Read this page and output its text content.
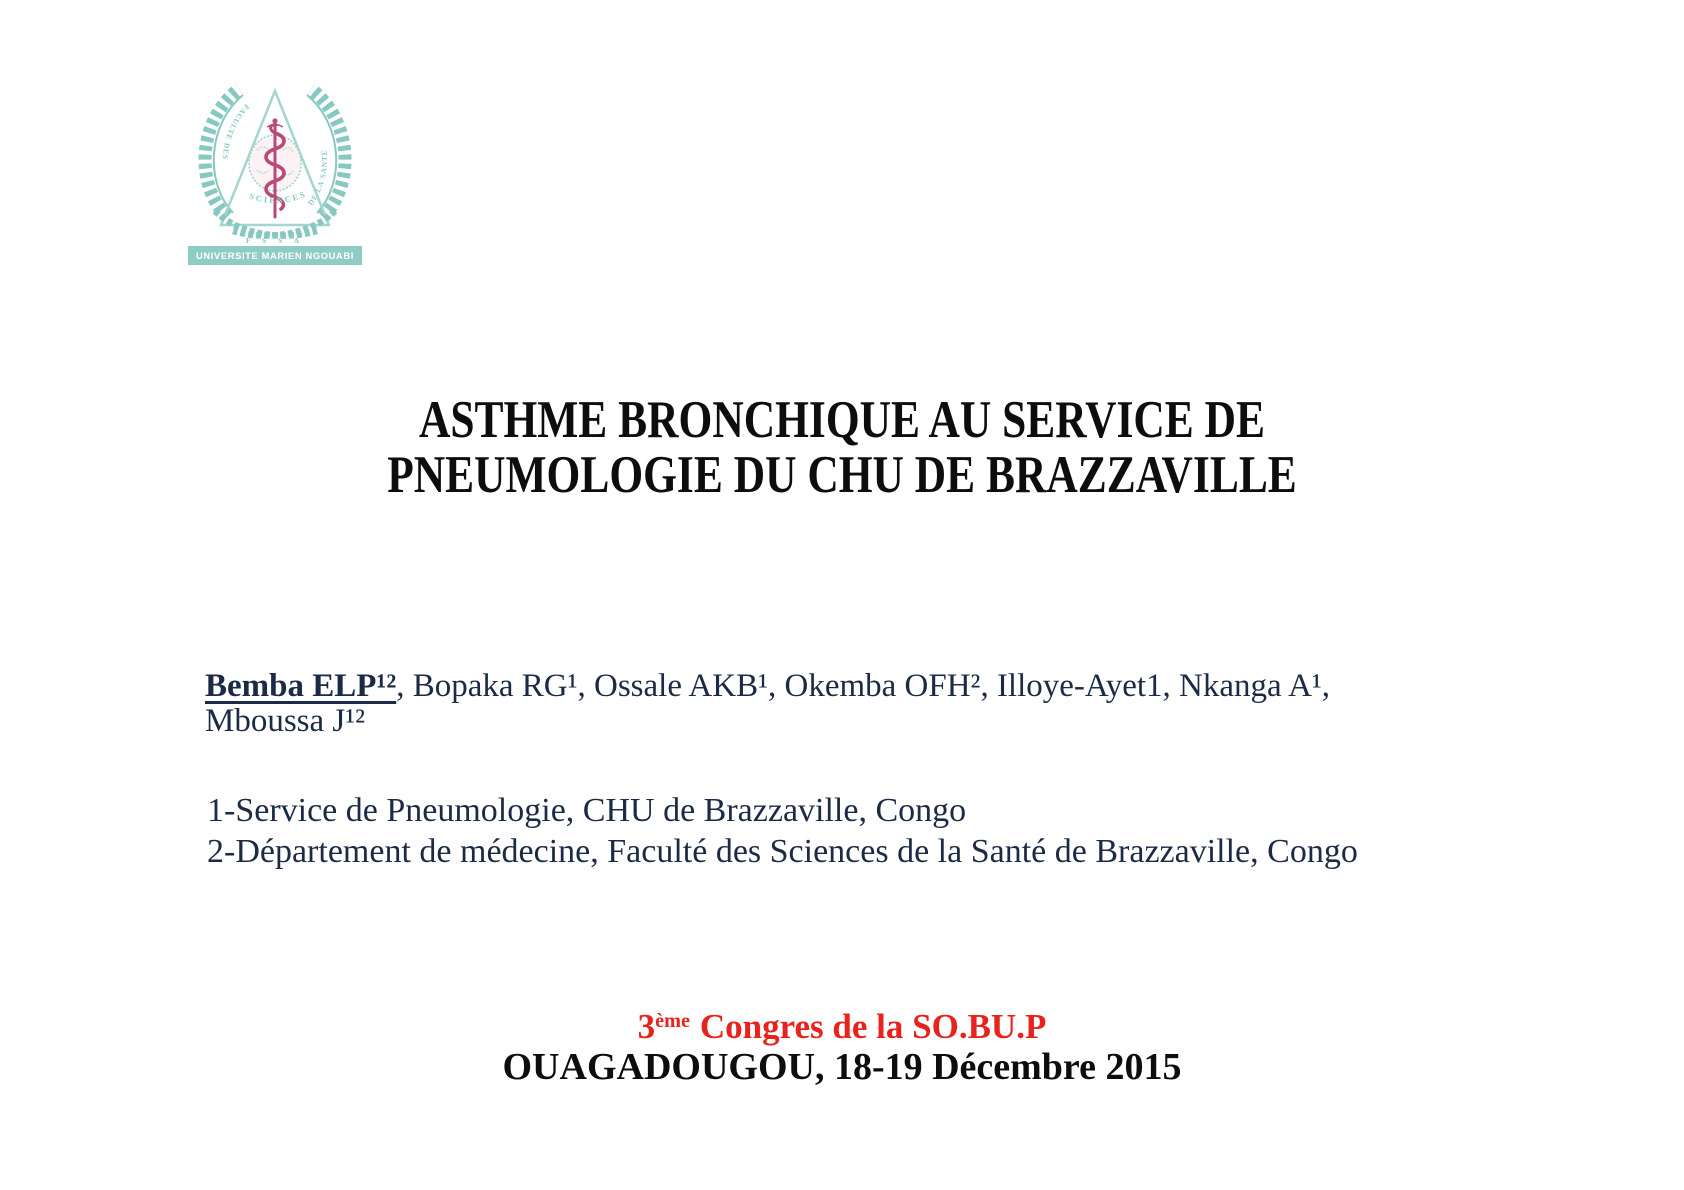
FACULTE DES
DE LA SANTE
SCIENCES
F S S A
UNIVERSITE MARIEN NGOUABI
ASTHME BRONCHIQUE AU SERVICE DE
PNEUMOLOGIE DU CHU DE BRAZZAVILLE
Bemba ELP¹², Bopaka RG¹, Ossale AKB¹, Okemba OFH², Illoye-Ayet1, Nkanga A¹,
Mboussa J¹²
1-Service de Pneumologie, CHU de Brazzaville, Congo
2-Département de médecine, Faculté des Sciences de la Santé de Brazzaville, Congo
3ème Congres de la SO.BU.P
OUAGADOUGOU, 18-19 Décembre 2015
